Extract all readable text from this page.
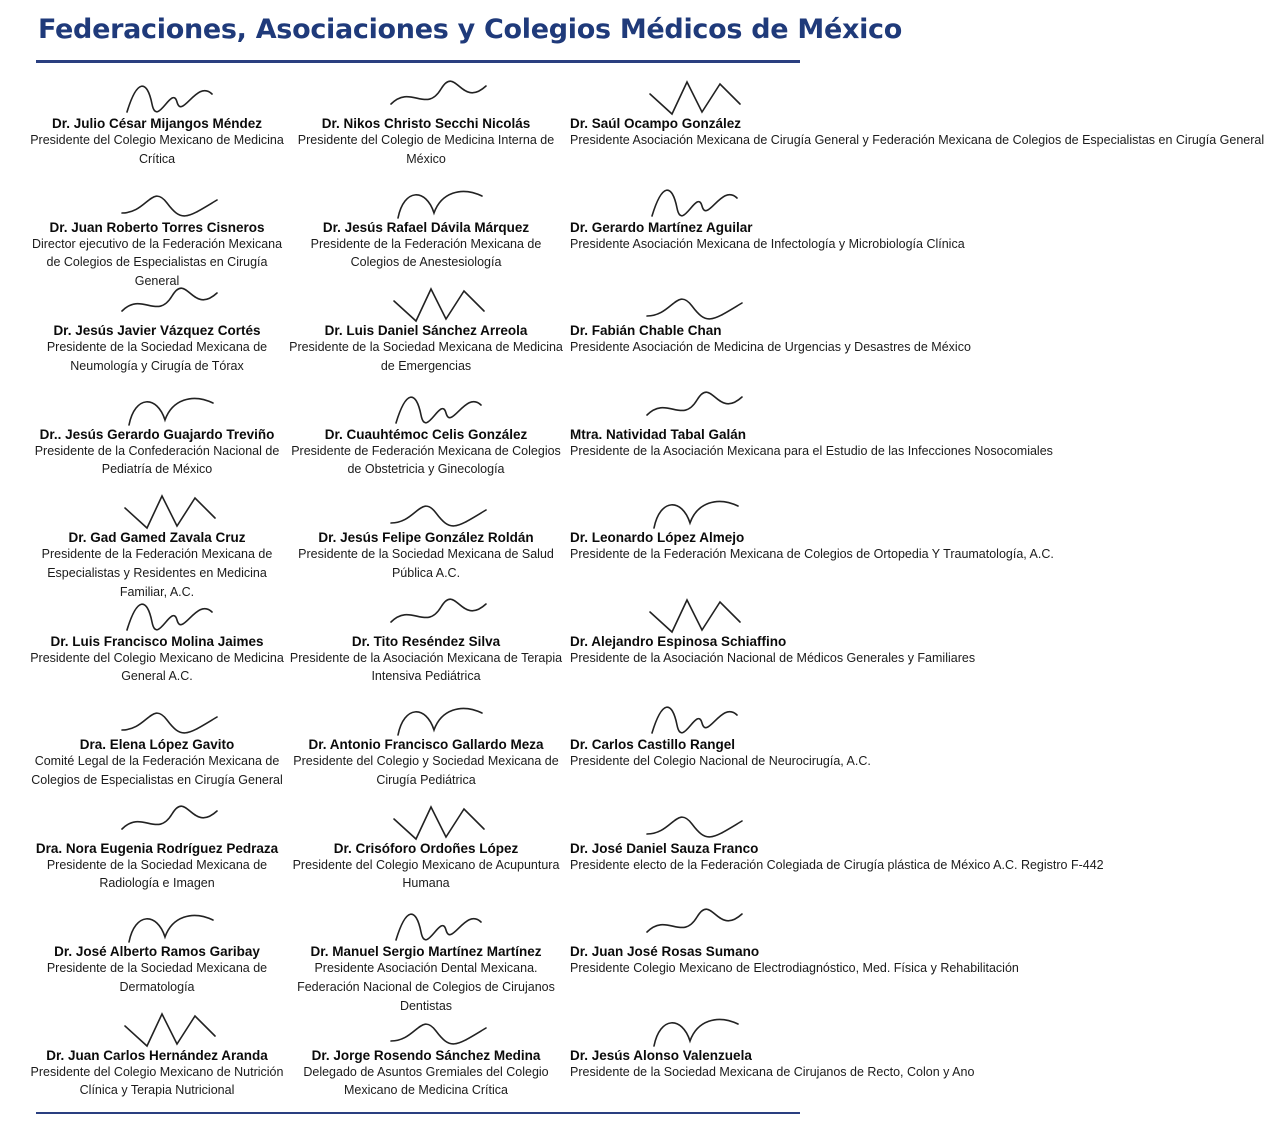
Federaciones, Asociaciones y Colegios Médicos de México
Dr. Julio César Mijangos Méndez
Presidente del Colegio Mexicano de Medicina Crítica
Dr. Nikos Christo Secchi Nicolás
Presidente del Colegio de Medicina Interna de México
Dr. Saúl Ocampo González
Presidente Asociación Mexicana de Cirugía General y Federación Mexicana de Colegios de Especialistas en Cirugía General
Dr. Juan Roberto Torres Cisneros
Director ejecutivo de la Federación Mexicana de Colegios de Especialistas en Cirugía General
Dr. Jesús Rafael Dávila Márquez
Presidente de la Federación Mexicana de Colegios de Anestesiología
Dr. Gerardo Martínez Aguilar
Presidente Asociación Mexicana de Infectología y Microbiología Clínica
Dr. Jesús Javier Vázquez Cortés
Presidente de la Sociedad Mexicana de Neumología y Cirugía de Tórax
Dr. Luis Daniel Sánchez Arreola
Presidente de la Sociedad Mexicana de Medicina de Emergencias
Dr. Fabián Chable Chan
Presidente Asociación de Medicina de Urgencias y Desastres de México
Dr.. Jesús Gerardo Guajardo Treviño
Presidente de la Confederación Nacional de Pediatría de México
Dr. Cuauhtémoc Celis González
Presidente de Federación Mexicana de Colegios de Obstetricia y Ginecología
Mtra. Natividad Tabal Galán
Presidente de la Asociación Mexicana para el Estudio de las Infecciones Nosocomiales
Dr. Gad Gamed Zavala Cruz
Presidente de la Federación Mexicana de Especialistas y Residentes en Medicina Familiar, A.C.
Dr. Jesús Felipe González Roldán
Presidente de la Sociedad Mexicana de Salud Pública A.C.
Dr. Leonardo López Almejo
Presidente de la Federación Mexicana de Colegios de Ortopedia Y Traumatología, A.C.
Dr. Luis Francisco Molina Jaimes
Presidente del Colegio Mexicano de Medicina General A.C.
Dr. Tito Reséndez Silva
Presidente de la Asociación Mexicana de Terapia Intensiva Pediátrica
Dr. Alejandro Espinosa Schiaffino
Presidente de la Asociación Nacional de Médicos Generales y Familiares
Dra. Elena López Gavito
Comité Legal de la Federación Mexicana de Colegios de Especialistas en Cirugía General
Dr. Antonio Francisco Gallardo Meza
Presidente del Colegio y Sociedad Mexicana de Cirugía Pediátrica
Dr. Carlos Castillo Rangel
Presidente del Colegio Nacional de Neurocirugía, A.C.
Dra. Nora Eugenia Rodríguez Pedraza
Presidente de la Sociedad Mexicana de Radiología e Imagen
Dr. Crisóforo Ordoñes López
Presidente del Colegio Mexicano de Acupuntura Humana
Dr. José Daniel Sauza Franco
Presidente electo de la Federación Colegiada de Cirugía plástica de México A.C. Registro F-442
Dr. José Alberto Ramos Garibay
Presidente de la Sociedad Mexicana de Dermatología
Dr. Manuel Sergio Martínez Martínez
Presidente Asociación Dental Mexicana. Federación Nacional de Colegios de Cirujanos Dentistas
Dr. Juan José Rosas Sumano
Presidente Colegio Mexicano de Electrodiagnóstico, Med. Física y Rehabilitación
Dr. Juan Carlos Hernández Aranda
Presidente del Colegio Mexicano de Nutrición Clínica y Terapia Nutricional
Dr. Jorge Rosendo Sánchez Medina
Delegado de Asuntos Gremiales del Colegio Mexicano de Medicina Crítica
Dr. Jesús Alonso Valenzuela
Presidente de la Sociedad Mexicana de Cirujanos de Recto, Colon y Ano
